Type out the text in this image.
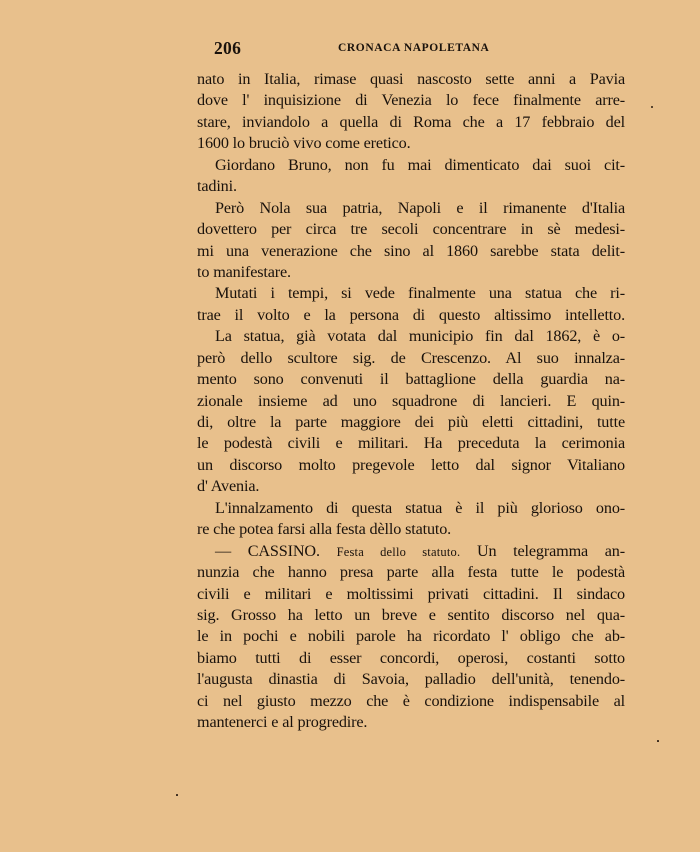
206	CRONACA NAPOLETANA
nato in Italia, rimase quasi nascosto sette anni a Pavia
dove l' inquisizione di Venezia lo fece finalmente arre-
stare, inviandolo a quella di Roma che a 17 febbraio del
1600 lo bruciò vivo come eretico.
Giordano Bruno, non fu mai dimenticato dai suoi cit-
tadini.
Però Nola sua patria, Napoli e il rimanente d'Italia
dovettero per circa tre secoli concentrare in sè medesi-
mi una venerazione che sino al 1860 sarebbe stata delit-
to manifestare.
Mutati i tempi, si vede finalmente una statua che ri-
trae il volto e la persona di questo altissimo intelletto.
La statua, già votata dal municipio fin dal 1862, è o-
però dello scultore sig. de Crescenzo. Al suo innalza-
mento sono convenuti il battaglione della guardia na-
zionale insieme ad uno squadrone di lancieri. E quin-
di, oltre la parte maggiore dei più eletti cittadini, tutte
le podestà civili e militari. Ha preceduta la cerimonia
un discorso molto pregevole letto dal signor Vitaliano
d' Avenia.
L'innalzamento di questa statua è il più glorioso ono-
re che potea farsi alla festa dèllo statuto.
— CASSINO. Festa dello statuto. Un telegramma an-
nunzia che hanno presa parte alla festa tutte le podestà
civili e militari e moltissimi privati cittadini. Il sindaco
sig. Grosso ha letto un breve e sentito discorso nel qua-
le in pochi e nobili parole ha ricordato l' obligo che ab-
biamo tutti di esser concordi, operosi, costanti sotto
l'augusta dinastia di Savoia, palladio dell'unità, tenendo-
ci nel giusto mezzo che è condizione indispensabile al
mantenerci e al progredire.
